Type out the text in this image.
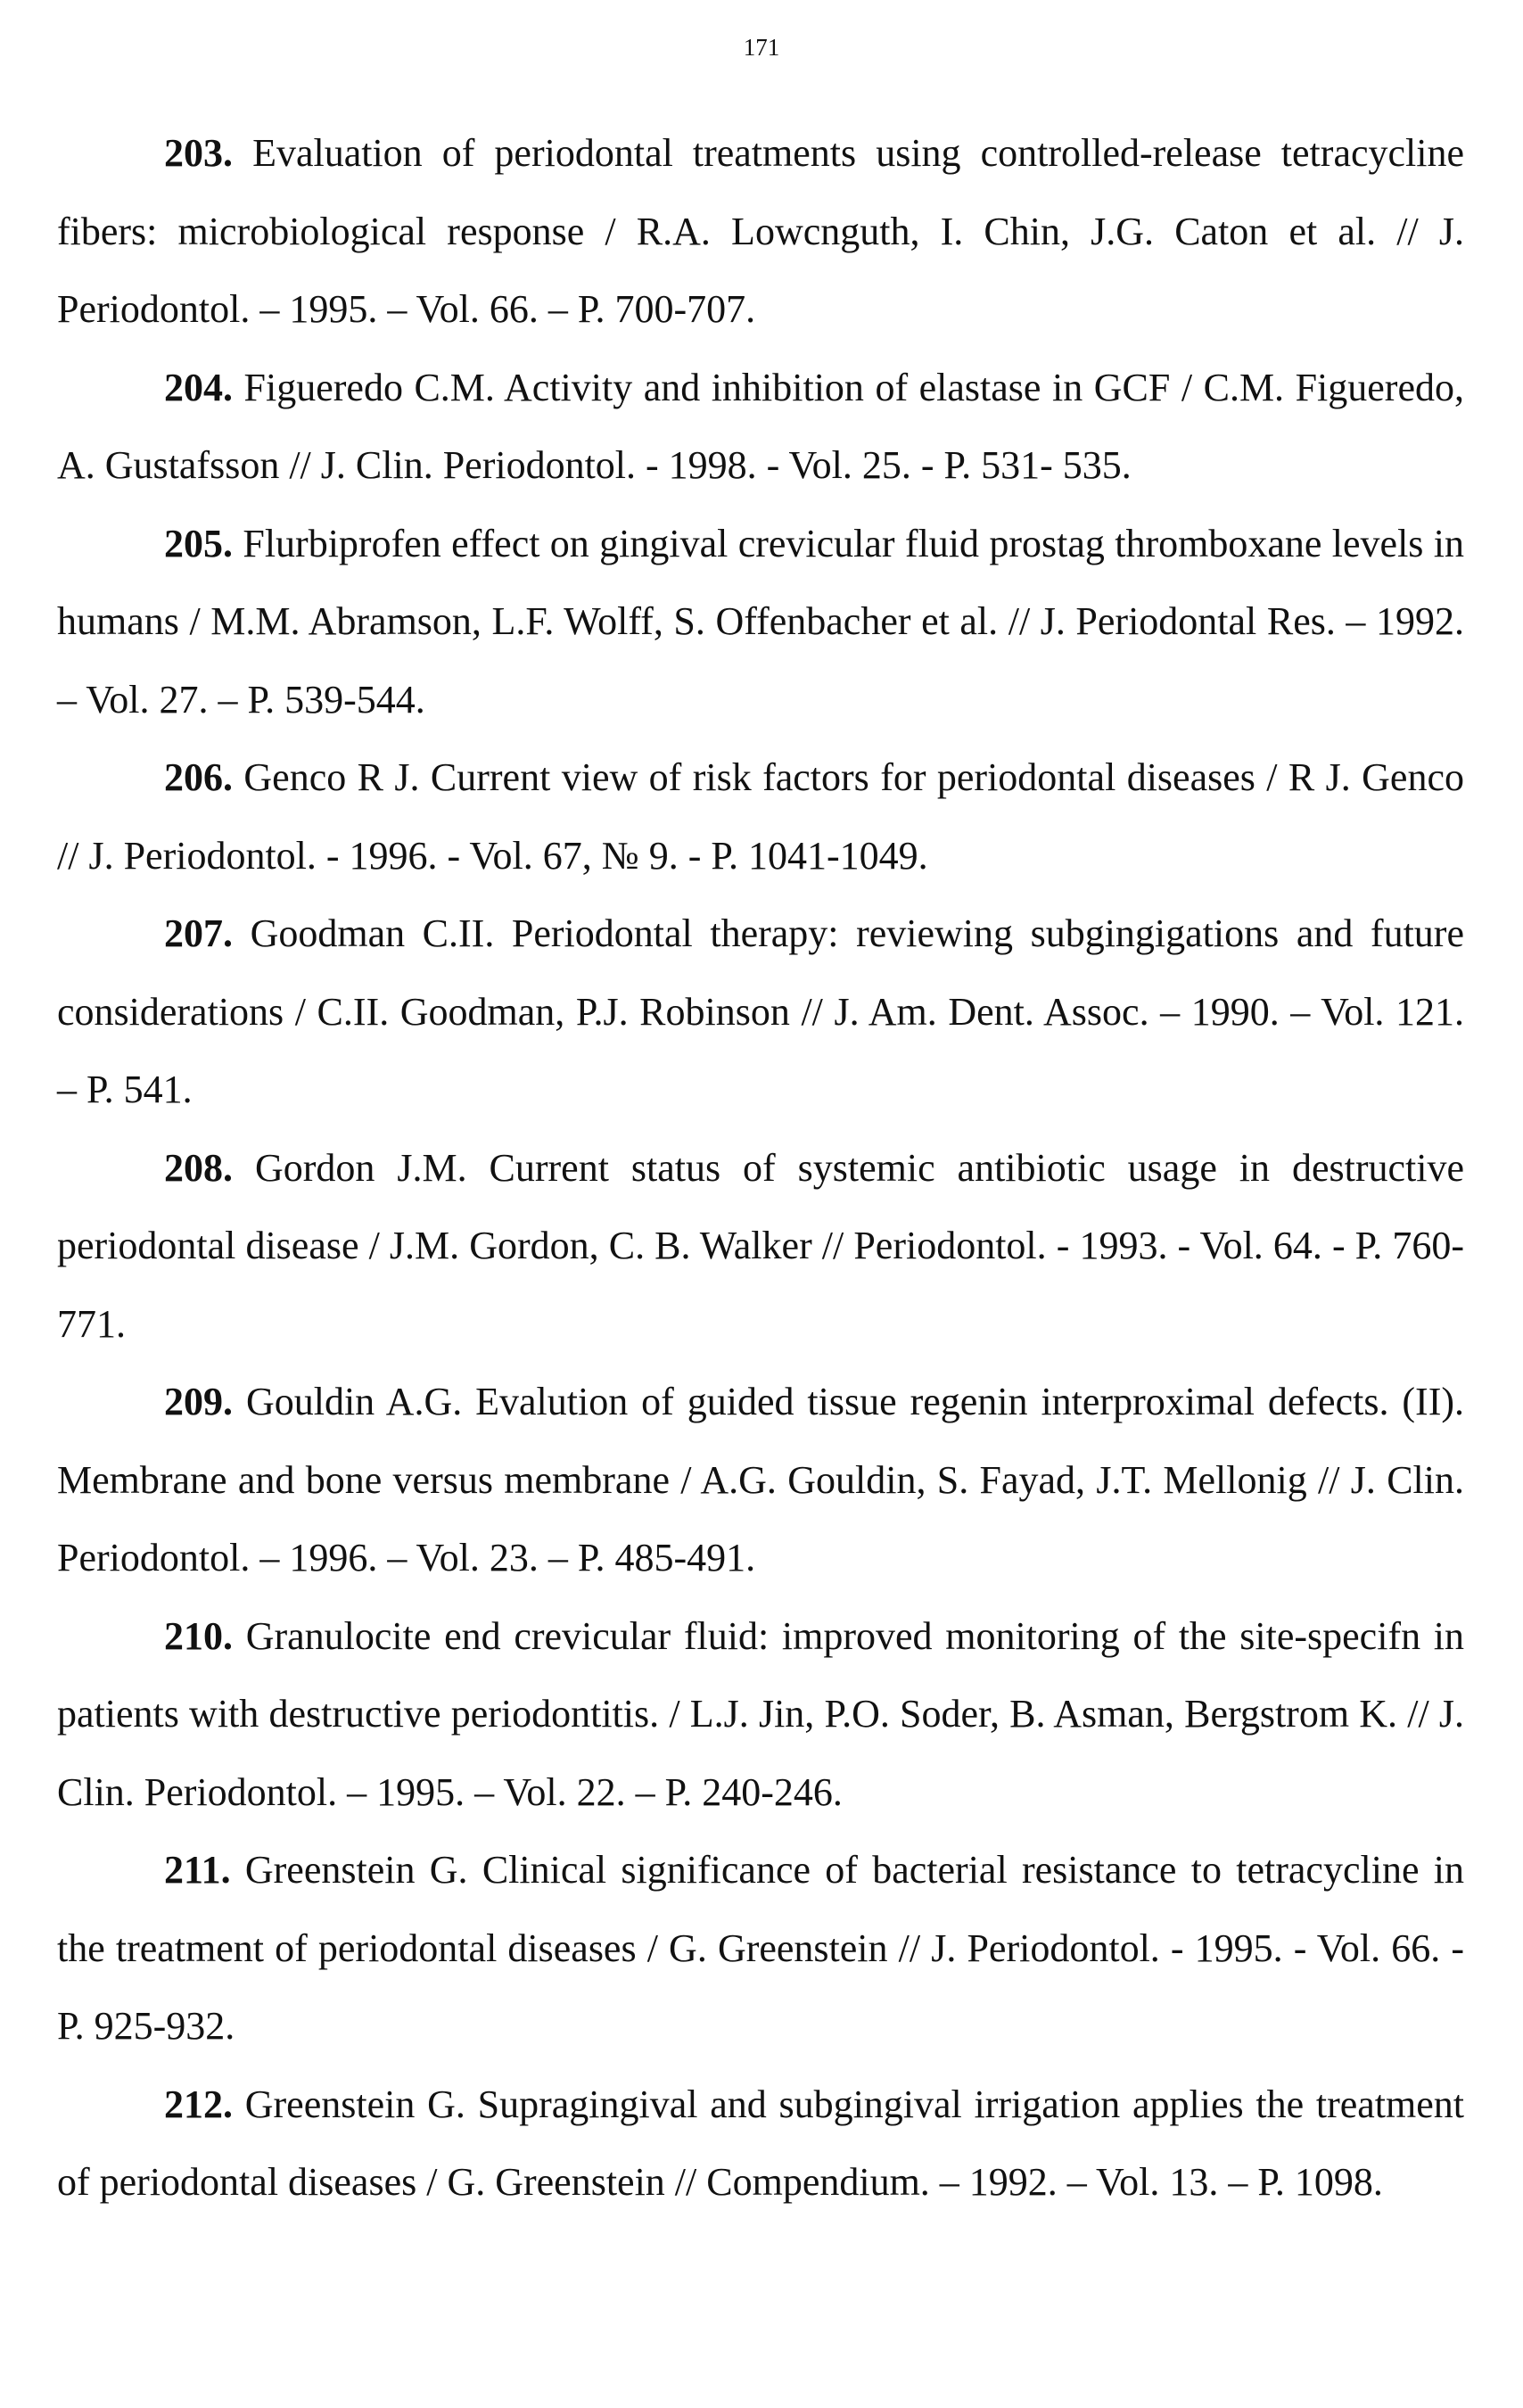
171

203. Evaluation of periodontal treatments using controlled-release tetracycline fibers: microbiological response / R.A. Lowcnguth, I. Chin, J.G. Caton et al. // J. Periodontol. – 1995. – Vol. 66. – P. 700-707.

204. Figueredo C.M. Activity and inhibition of elastase in GCF / C.M. Figueredo, A. Gustafsson // J. Clin. Periodontol. - 1998. - Vol. 25. - P. 531- 535.

205. Flurbiprofen effect on gingival crevicular fluid prostag thromboxane levels in humans / M.M. Abramson, L.F. Wolff, S. Offenbacher et al. // J. Periodontal Res. – 1992. – Vol. 27. – P. 539-544.

206. Genco R J. Current view of risk factors for periodontal diseases / R J. Genco // J. Periodontol. - 1996. - Vol. 67, № 9. - P. 1041-1049.

207. Goodman C.II. Periodontal therapy: reviewing subgingigations and future considerations / C.II. Goodman, P.J. Robinson // J. Am. Dent. Assoc. – 1990. – Vol. 121. – P. 541.

208. Gordon J.M. Current status of systemic antibiotic usage in destructive periodontal disease / J.M. Gordon, C. B. Walker // Periodontol. - 1993. - Vol. 64. - P. 760-771.

209. Gouldin A.G. Evalution of guided tissue regenin interproximal defects. (II). Membrane and bone versus membrane / A.G. Gouldin, S. Fayad, J.T. Mellonig // J. Clin. Periodontol. – 1996. – Vol. 23. – P. 485-491.

210. Granulocite end crevicular fluid: improved monitoring of the site-specifn in patients with destructive periodontitis. / L.J. Jin, P.O. Soder, B. Asman, Bergstrom K. // J. Clin. Periodontol. – 1995. – Vol. 22. – P. 240-246.

211. Greenstein G. Clinical significance of bacterial resistance to tetracycline in the treatment of periodontal diseases / G. Greenstein // J. Periodontol. - 1995. - Vol. 66. -P. 925-932.

212. Greenstein G. Supragingival and subgingival irrigation applies the treatment of periodontal diseases / G. Greenstein // Compendium. – 1992. – Vol. 13. – P. 1098.
